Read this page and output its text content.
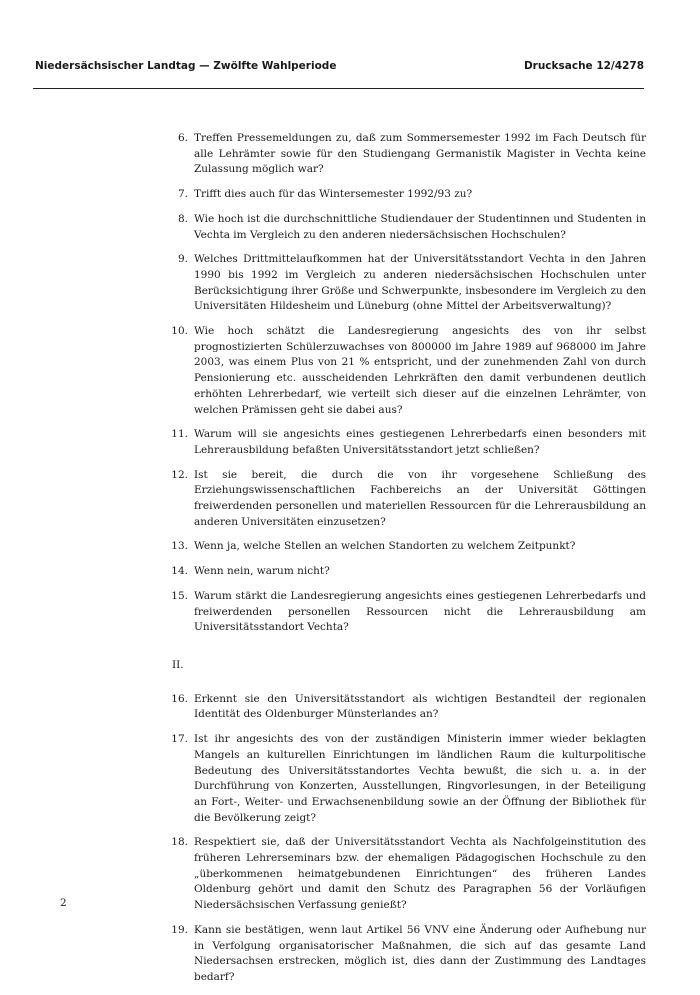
Niedersächsischer Landtag — Zwölfte Wahlperiode	Drucksache 12/4278
6. Treffen Pressemeldungen zu, daß zum Sommersemester 1992 im Fach Deutsch für alle Lehrämter sowie für den Studiengang Germanistik Magister in Vechta keine Zulassung möglich war?
7. Trifft dies auch für das Wintersemester 1992/93 zu?
8. Wie hoch ist die durchschnittliche Studiendauer der Studentinnen und Studenten in Vechta im Vergleich zu den anderen niedersächsischen Hochschulen?
9. Welches Drittmittelaufkommen hat der Universitätsstandort Vechta in den Jahren 1990 bis 1992 im Vergleich zu anderen niedersächsischen Hochschulen unter Berücksichtigung ihrer Größe und Schwerpunkte, insbesondere im Vergleich zu den Universitäten Hildesheim und Lüneburg (ohne Mittel der Arbeitsverwaltung)?
10. Wie hoch schätzt die Landesregierung angesichts des von ihr selbst prognostizierten Schülerzuwachses von 800000 im Jahre 1989 auf 968000 im Jahre 2003, was einem Plus von 21 % entspricht, und der zunehmenden Zahl von durch Pensionierung etc. ausscheidenden Lehrkräften den damit verbundenen deutlich erhöhten Lehrerbedarf, wie verteilt sich dieser auf die einzelnen Lehrämter, von welchen Prämissen geht sie dabei aus?
11. Warum will sie angesichts eines gestiegenen Lehrerbedarfs einen besonders mit Lehrerausbildung befaßten Universitätsstandort jetzt schließen?
12. Ist sie bereit, die durch die von ihr vorgesehene Schließung des Erziehungswissenschaftlichen Fachbereichs an der Universität Göttingen freiwerdenden personellen und materiellen Ressourcen für die Lehrerausbildung an anderen Universitäten einzusetzen?
13. Wenn ja, welche Stellen an welchen Standorten zu welchem Zeitpunkt?
14. Wenn nein, warum nicht?
15. Warum stärkt die Landesregierung angesichts eines gestiegenen Lehrerbedarfs und freiwerdenden personellen Ressourcen nicht die Lehrerausbildung am Universitätsstandort Vechta?
II.
16. Erkennt sie den Universitätsstandort als wichtigen Bestandteil der regionalen Identität des Oldenburger Münsterlandes an?
17. Ist ihr angesichts des von der zuständigen Ministerin immer wieder beklagten Mangels an kulturellen Einrichtungen im ländlichen Raum die kulturpolitische Bedeutung des Universitätsstandortes Vechta bewußt, die sich u. a. in der Durchführung von Konzerten, Ausstellungen, Ringvorlesungen, in der Beteiligung an Fort-, Weiter- und Erwachsenenbildung sowie an der Öffnung der Bibliothek für die Bevölkerung zeigt?
18. Respektiert sie, daß der Universitätsstandort Vechta als Nachfolgeinstitution des früheren Lehrerseminars bzw. der ehemaligen Pädagogischen Hochschule zu den „überkommenen heimatgebundenen Einrichtungen“ des früheren Landes Oldenburg gehört und damit den Schutz des Paragraphen 56 der Vorläufigen Niedersächsischen Verfassung genießt?
19. Kann sie bestätigen, wenn laut Artikel 56 VNV eine Änderung oder Aufhebung nur in Verfolgung organisatorischer Maßnahmen, die sich auf das gesamte Land Niedersachsen erstrecken, möglich ist, dies dann der Zustimmung des Landtages bedarf?
2
